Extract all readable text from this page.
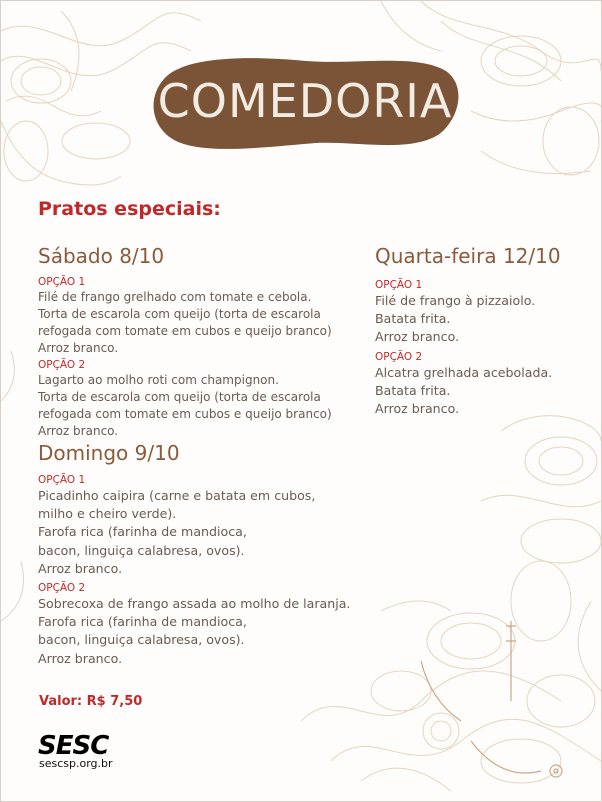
COMEDORIA
Pratos especiais:
Sábado 8/10
OPÇÃO 1
Filé de frango grelhado com tomate e cebola.
Torta de escarola com queijo (torta de escarola
refogada com tomate em cubos e queijo branco)
Arroz branco.
OPÇÃO 2
Lagarto ao molho roti com champignon.
Torta de escarola com queijo (torta de escarola
refogada com tomate em cubos e queijo branco)
Arroz branco.
Domingo 9/10
OPÇÃO 1
Picadinho caipira (carne e batata em cubos,
milho e cheiro verde).
Farofa rica (farinha de mandioca,
bacon, linguiça calabresa, ovos).
Arroz branco.
OPÇÃO 2
Sobrecoxa de frango assada ao molho de laranja.
Farofa rica (farinha de mandioca,
bacon, linguiça calabresa, ovos).
Arroz branco.
Quarta-feira 12/10
OPÇÃO 1
Filé de frango à pizzaiolo.
Batata frita.
Arroz branco.
OPÇÃO 2
Alcatra grelhada acebolada.
Batata frita.
Arroz branco.
Valor: R$ 7,50
SESC
sescsp.org.br
